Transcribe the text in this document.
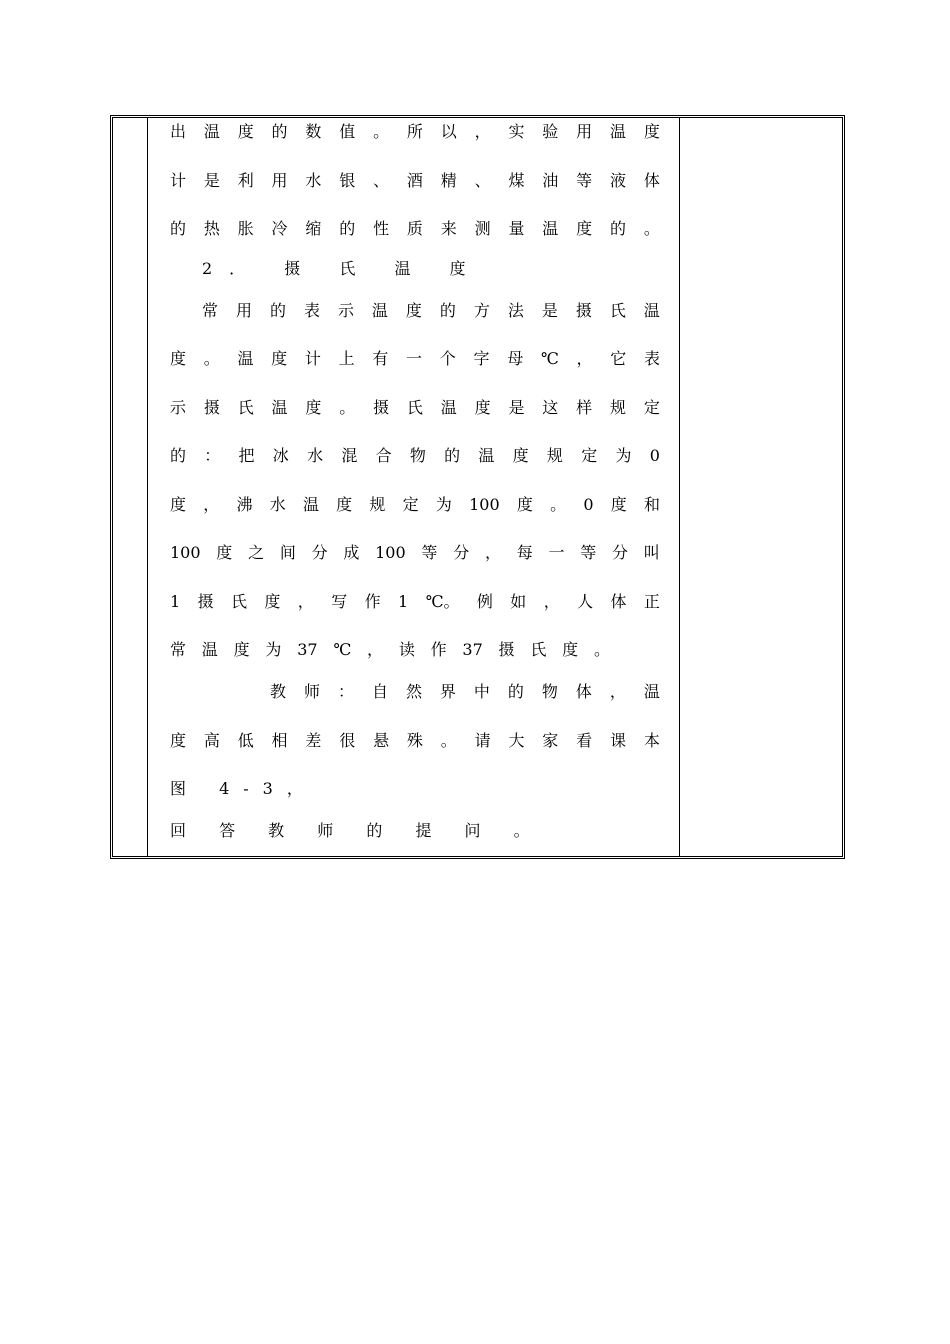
出 温 度 的 数 值 。 所 以 ， 实 验 用 温 度
计 是 利 用 水 银 、 酒 精 、 煤 油 等 液 体
的 热 胀 冷 缩 的 性 质 来 测 量 温 度 的 。
2． 摄 氏 温 度
常 用 的 表 示 温 度 的 方 法 是 摄 氏 温
度 。 温 度 计 上 有 一 个 字 母 ℃ ， 它 表
示 摄 氏 温 度 。 摄 氏 温 度 是 这 样 规 定
的 ： 把 冰 水 混 合 物 的 温 度 规 定 为 0
度 ， 沸 水 温 度 规 定 为 100 度 。 0 度 和
100 度 之 间 分 成 100 等 分 ， 每 一 等 分 叫
1 摄 氏 度 ， 写 作 1 ℃。 例 如 ， 人 体 正
常 温 度 为 37 ℃ ， 读 作 37 摄 氏 度 。
教 师 ： 自 然 界 中 的 物 体 ， 温
度 高 低 相 差 很 悬 殊 。 请 大 家 看 课 本
图 4-3，
回 答 教 师 的 提 问 。
